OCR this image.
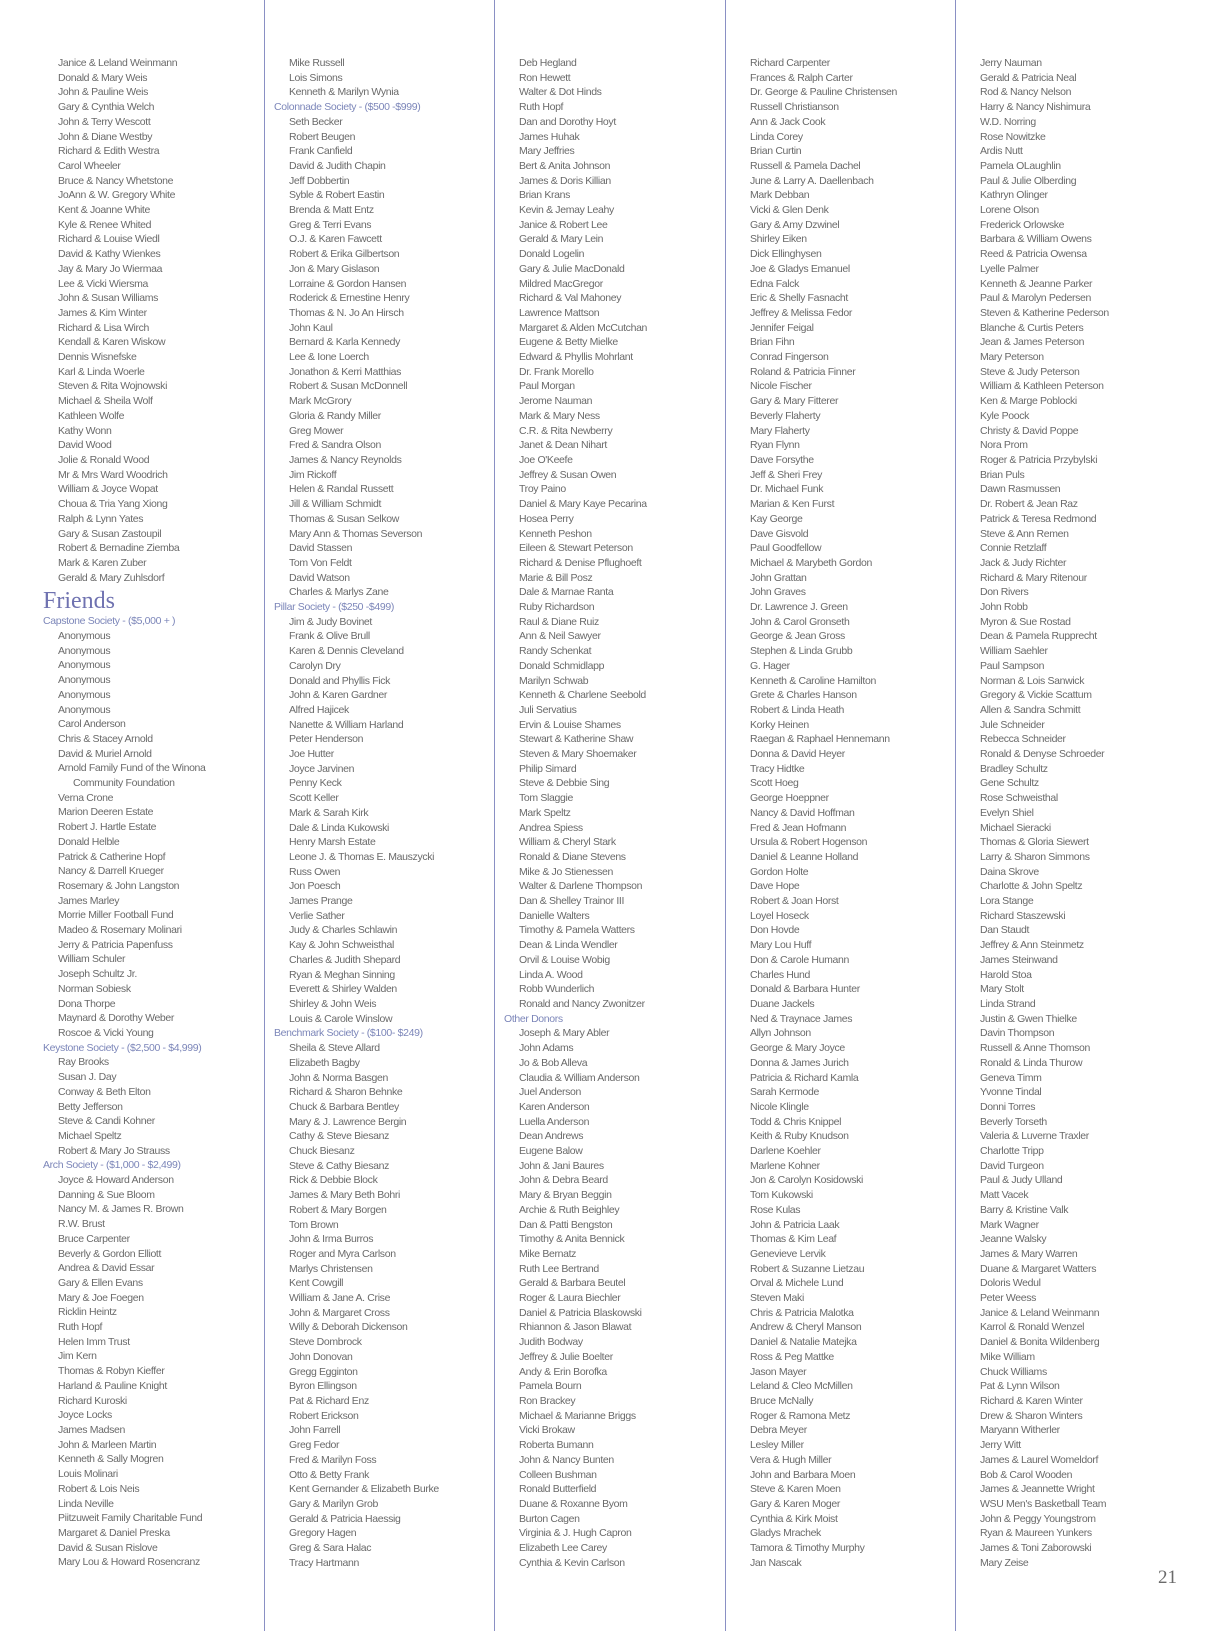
Janice & Leland Weinmann
Donald & Mary Weis
John & Pauline Weis
Gary & Cynthia Welch
John & Terry Wescott
John & Diane Westby
Richard & Edith Westra
Carol Wheeler
Bruce & Nancy Whetstone
JoAnn & W. Gregory White
Kent & Joanne White
Kyle & Renee Whited
Richard & Louise Wiedl
David & Kathy Wienkes
Jay & Mary Jo Wiermaa
Lee & Vicki Wiersma
John & Susan Williams
James & Kim Winter
Richard & Lisa Wirch
Kendall & Karen Wiskow
Dennis Wisnefske
Karl & Linda Woerle
Steven & Rita Wojnowski
Michael & Sheila Wolf
Kathleen Wolfe
Kathy Wonn
David Wood
Jolie & Ronald Wood
Mr & Mrs Ward Woodrich
William & Joyce Wopat
Choua & Tria Yang Xiong
Ralph & Lynn Yates
Gary & Susan Zastoupil
Robert & Bernadine Ziemba
Mark & Karen Zuber
Gerald & Mary Zuhlsdorf
Friends
Capstone Society - ($5,000 + )
Anonymous
Anonymous
Anonymous
Anonymous
Anonymous
Anonymous
Carol Anderson
Chris & Stacey Arnold
David & Muriel Arnold
Arnold Family Fund of the Winona
Community Foundation
Verna Crone
Marion Deeren Estate
Robert J. Hartle Estate
Donald Helble
Patrick & Catherine Hopf
Nancy & Darrell Krueger
Rosemary & John Langston
James Marley
Morrie Miller Football Fund
Madeo & Rosemary Molinari
Jerry & Patricia Papenfuss
William Schuler
Joseph Schultz Jr.
Norman Sobiesk
Dona Thorpe
Maynard & Dorothy Weber
Roscoe & Vicki Young
Keystone Society - ($2,500 - $4,999)
Ray Brooks
Susan J. Day
Conway & Beth Elton
Betty Jefferson
Steve & Candi Kohner
Michael Speltz
Robert & Mary Jo Strauss
Arch Society - ($1,000 - $2,499)
Joyce & Howard Anderson
Danning & Sue Bloom
Nancy M. & James R. Brown
R.W. Brust
Bruce Carpenter
Beverly & Gordon Elliott
Andrea & David Essar
Gary & Ellen Evans
Mary & Joe Foegen
Ricklin Heintz
Ruth Hopf
Helen Imm Trust
Jim Kern
Thomas & Robyn Kieffer
Harland & Pauline Knight
Richard Kuroski
Joyce Locks
James Madsen
John & Marleen Martin
Kenneth & Sally Mogren
Louis Molinari
Robert & Lois Neis
Linda Neville
Piitzuweit Family Charitable Fund
Margaret & Daniel Preska
David & Susan Rislove
Mary Lou & Howard Rosencranz
Mike Russell
Lois Simons
Kenneth & Marilyn Wynia
Colonnade Society - ($500 -$999)
Seth Becker
Robert Beugen
Frank Canfield
David & Judith Chapin
Jeff Dobbertin
Syble & Robert Eastin
Brenda & Matt Entz
Greg & Terri Evans
O.J. & Karen Fawcett
Robert & Erika Gilbertson
Jon & Mary Gislason
Lorraine & Gordon Hansen
Roderick & Ernestine Henry
Thomas & N. Jo An Hirsch
John Kaul
Bernard & Karla Kennedy
Lee & Ione Loerch
Jonathon & Kerri Matthias
Robert & Susan McDonnell
Mark McGrory
Gloria & Randy Miller
Greg Mower
Fred & Sandra Olson
James & Nancy Reynolds
Jim Rickoff
Helen & Randal Russett
Jill & William Schmidt
Thomas & Susan Selkow
Mary Ann & Thomas Severson
David Stassen
Tom Von Feldt
David Watson
Charles & Marlys Zane
Pillar Society - ($250 -$499)
Jim & Judy Bovinet
Frank & Olive Brull
Karen & Dennis Cleveland
Carolyn Dry
Donald and Phyllis Fick
John & Karen Gardner
Alfred Hajicek
Nanette & William Harland
Peter Henderson
Joe Hutter
Joyce Jarvinen
Penny Keck
Scott Keller
Mark & Sarah Kirk
Dale & Linda Kukowski
Henry Marsh Estate
Leone J. & Thomas E. Mauszycki
Russ Owen
Jon Poesch
James Prange
Verlie Sather
Judy & Charles Schlawin
Kay & John Schweisthal
Charles & Judith Shepard
Ryan & Meghan Sinning
Everett & Shirley Walden
Shirley & John Weis
Louis & Carole Winslow
Benchmark Society - ($100- $249)
Sheila & Steve Allard
Elizabeth Bagby
John & Norma Basgen
Richard & Sharon Behnke
Chuck & Barbara Bentley
Mary & J. Lawrence Bergin
Cathy & Steve Biesanz
Chuck Biesanz
Steve & Cathy Biesanz
Rick & Debbie Block
James & Mary Beth Bohri
Robert & Mary Borgen
Tom Brown
John & Irma Burros
Roger and Myra Carlson
Marlys Christensen
Kent Cowgill
William & Jane A. Crise
John & Margaret Cross
Willy & Deborah Dickenson
Steve Dombrock
John Donovan
Gregg Egginton
Byron Ellingson
Pat & Richard Enz
Robert Erickson
John Farrell
Greg Fedor
Fred & Marilyn Foss
Otto & Betty Frank
Kent Gernander & Elizabeth Burke
Gary & Marilyn Grob
Gerald & Patricia Haessig
Gregory Hagen
Greg & Sara Halac
Tracy Hartmann
Deb Hegland
Ron Hewett
Walter & Dot Hinds
Ruth Hopf
Dan and Dorothy Hoyt
James Huhak
Mary Jeffries
Bert & Anita Johnson
James & Doris Killian
Brian Krans
Kevin & Jemay Leahy
Janice & Robert Lee
Gerald & Mary Lein
Donald Logelin
Gary & Julie MacDonald
Mildred MacGregor
Richard & Val Mahoney
Lawrence Mattson
Margaret & Alden McCutchan
Eugene & Betty Mielke
Edward & Phyllis Mohrlant
Dr. Frank Morello
Paul Morgan
Jerome Nauman
Mark & Mary Ness
C.R. & Rita Newberry
Janet & Dean Nihart
Joe O'Keefe
Jeffrey & Susan Owen
Troy Paino
Daniel & Mary Kaye Pecarina
Hosea Perry
Kenneth Peshon
Eileen & Stewart Peterson
Richard & Denise Pflughoeft
Marie & Bill Posz
Dale & Marnae Ranta
Ruby Richardson
Raul & Diane Ruiz
Ann & Neil Sawyer
Randy Schenkat
Donald Schmidlapp
Marilyn Schwab
Kenneth & Charlene Seebold
Juli Servatius
Ervin & Louise Shames
Stewart & Katherine Shaw
Steven & Mary Shoemaker
Philip Simard
Steve & Debbie Sing
Tom Slaggie
Mark Speltz
Andrea Spiess
William & Cheryl Stark
Ronald & Diane Stevens
Mike & Jo Stienessen
Walter & Darlene Thompson
Dan & Shelley Trainor III
Danielle Walters
Timothy & Pamela Watters
Dean & Linda Wendler
Orvil & Louise Wobig
Linda A. Wood
Robb Wunderlich
Ronald and Nancy Zwonitzer
Other Donors
Joseph & Mary Abler
John Adams
Jo & Bob Alleva
Claudia & William Anderson
Juel Anderson
Karen Anderson
Luella Anderson
Dean Andrews
Eugene Balow
John & Jani Baures
John & Debra Beard
Mary & Bryan Beggin
Archie & Ruth Beighley
Dan & Patti Bengston
Timothy & Anita Bennick
Mike Bernatz
Ruth Lee Bertrand
Gerald & Barbara Beutel
Roger & Laura Biechler
Daniel & Patricia Blaskowski
Rhiannon & Jason Blawat
Judith Bodway
Jeffrey & Julie Boelter
Andy & Erin Borofka
Pamela Bourn
Ron Brackey
Michael & Marianne Briggs
Vicki Brokaw
Roberta Bumann
John & Nancy Bunten
Colleen Bushman
Ronald Butterfield
Duane & Roxanne Byom
Burton Cagen
Virginia & J. Hugh Capron
Elizabeth Lee Carey
Cynthia & Kevin Carlson
Richard Carpenter
Frances & Ralph Carter
Dr. George & Pauline Christensen
Russell Christianson
Ann & Jack Cook
Linda Corey
Brian Curtin
Russell & Pamela Dachel
June & Larry A. Daellenbach
Mark Debban
Vicki & Glen Denk
Gary & Amy Dzwinel
Shirley Eiken
Dick Ellinghysen
Joe & Gladys Emanuel
Edna Falck
Eric & Shelly Fasnacht
Jeffrey & Melissa Fedor
Jennifer Feigal
Brian Fihn
Conrad Fingerson
Roland & Patricia Finner
Nicole Fischer
Gary & Mary Fitterer
Beverly Flaherty
Mary Flaherty
Ryan Flynn
Dave Forsythe
Jeff & Sheri Frey
Dr. Michael Funk
Marian & Ken Furst
Kay George
Dave Gisvold
Paul Goodfellow
Michael & Marybeth Gordon
John Grattan
John Graves
Dr. Lawrence J. Green
John & Carol Gronseth
George & Jean Gross
Stephen & Linda Grubb
G. Hager
Kenneth & Caroline Hamilton
Grete & Charles Hanson
Robert & Linda Heath
Korky Heinen
Raegan & Raphael Hennemann
Donna & David Heyer
Tracy Hidtke
Scott Hoeg
George Hoeppner
Nancy & David Hoffman
Fred & Jean Hofmann
Ursula & Robert Hogenson
Daniel & Leanne Holland
Gordon Holte
Dave Hope
Robert & Joan Horst
Loyel Hoseck
Don Hovde
Mary Lou Huff
Don & Carole Humann
Charles Hund
Donald & Barbara Hunter
Duane Jackels
Ned & Traynace James
Allyn Johnson
George & Mary Joyce
Donna & James Jurich
Patricia & Richard Kamla
Sarah Kermode
Nicole Klingle
Todd & Chris Knippel
Keith & Ruby Knudson
Darlene Koehler
Marlene Kohner
Jon & Carolyn Kosidowski
Tom Kukowski
Rose Kulas
John & Patricia Laak
Thomas & Kim Leaf
Genevieve Lervik
Robert & Suzanne Lietzau
Orval & Michele Lund
Steven Maki
Chris & Patricia Malotka
Andrew & Cheryl Manson
Daniel & Natalie Matejka
Ross & Peg Mattke
Jason Mayer
Leland & Cleo McMillen
Bruce McNally
Roger & Ramona Metz
Debra Meyer
Lesley Miller
Vera & Hugh Miller
John and Barbara Moen
Steve & Karen Moen
Gary & Karen Moger
Cynthia & Kirk Moist
Gladys Mrachek
Tamora & Timothy Murphy
Jan Nascak
Jerry Nauman
Gerald & Patricia Neal
Rod & Nancy Nelson
Harry & Nancy Nishimura
W.D. Norring
Rose Nowitzke
Ardis Nutt
Pamela OLaughlin
Paul & Julie Olberding
Kathryn Olinger
Lorene Olson
Frederick Orlowske
Barbara & William Owens
Reed & Patricia Owensa
Lyelle Palmer
Kenneth & Jeanne Parker
Paul & Marolyn Pedersen
Steven & Katherine Pederson
Blanche & Curtis Peters
Jean & James Peterson
Mary Peterson
Steve & Judy Peterson
William & Kathleen Peterson
Ken & Marge Poblocki
Kyle Poock
Christy & David Poppe
Nora Prom
Roger & Patricia Przybylski
Brian Puls
Dawn Rasmussen
Dr. Robert & Jean Raz
Patrick & Teresa Redmond
Steve & Ann Remen
Connie Retzlaff
Jack & Judy Richter
Richard & Mary Ritenour
Don Rivers
John Robb
Myron & Sue Rostad
Dean & Pamela Rupprecht
William Saehler
Paul Sampson
Norman & Lois Sanwick
Gregory & Vickie Scattum
Allen & Sandra Schmitt
Jule Schneider
Rebecca Schneider
Ronald & Denyse Schroeder
Bradley Schultz
Gene Schultz
Rose Schweisthal
Evelyn Shiel
Michael Sieracki
Thomas & Gloria Siewert
Larry & Sharon Simmons
Daina Skrove
Charlotte & John Speltz
Lora Stange
Richard Staszewski
Dan Staudt
Jeffrey & Ann Steinmetz
James Steinwand
Harold Stoa
Mary Stolt
Linda Strand
Justin & Gwen Thielke
Davin Thompson
Russell & Anne Thomson
Ronald & Linda Thurow
Geneva Timm
Yvonne Tindal
Donni Torres
Beverly Torseth
Valeria & Luverne Traxler
Charlotte Tripp
David Turgeon
Paul & Judy Ulland
Matt Vacek
Barry & Kristine Valk
Mark Wagner
Jeanne Walsky
James & Mary Warren
Duane & Margaret Watters
Doloris Wedul
Peter Weess
Janice & Leland Weinmann
Karrol & Ronald Wenzel
Daniel & Bonita Wildenberg
Mike William
Chuck Williams
Pat & Lynn Wilson
Richard & Karen Winter
Drew & Sharon Winters
Maryann Witherler
Jerry Witt
James & Laurel Womeldorf
Bob & Carol Wooden
James & Jeannette Wright
WSU Men's Basketball Team
John & Peggy Youngstrom
Ryan & Maureen Yunkers
James & Toni Zaborowski
Mary Zeise
21
